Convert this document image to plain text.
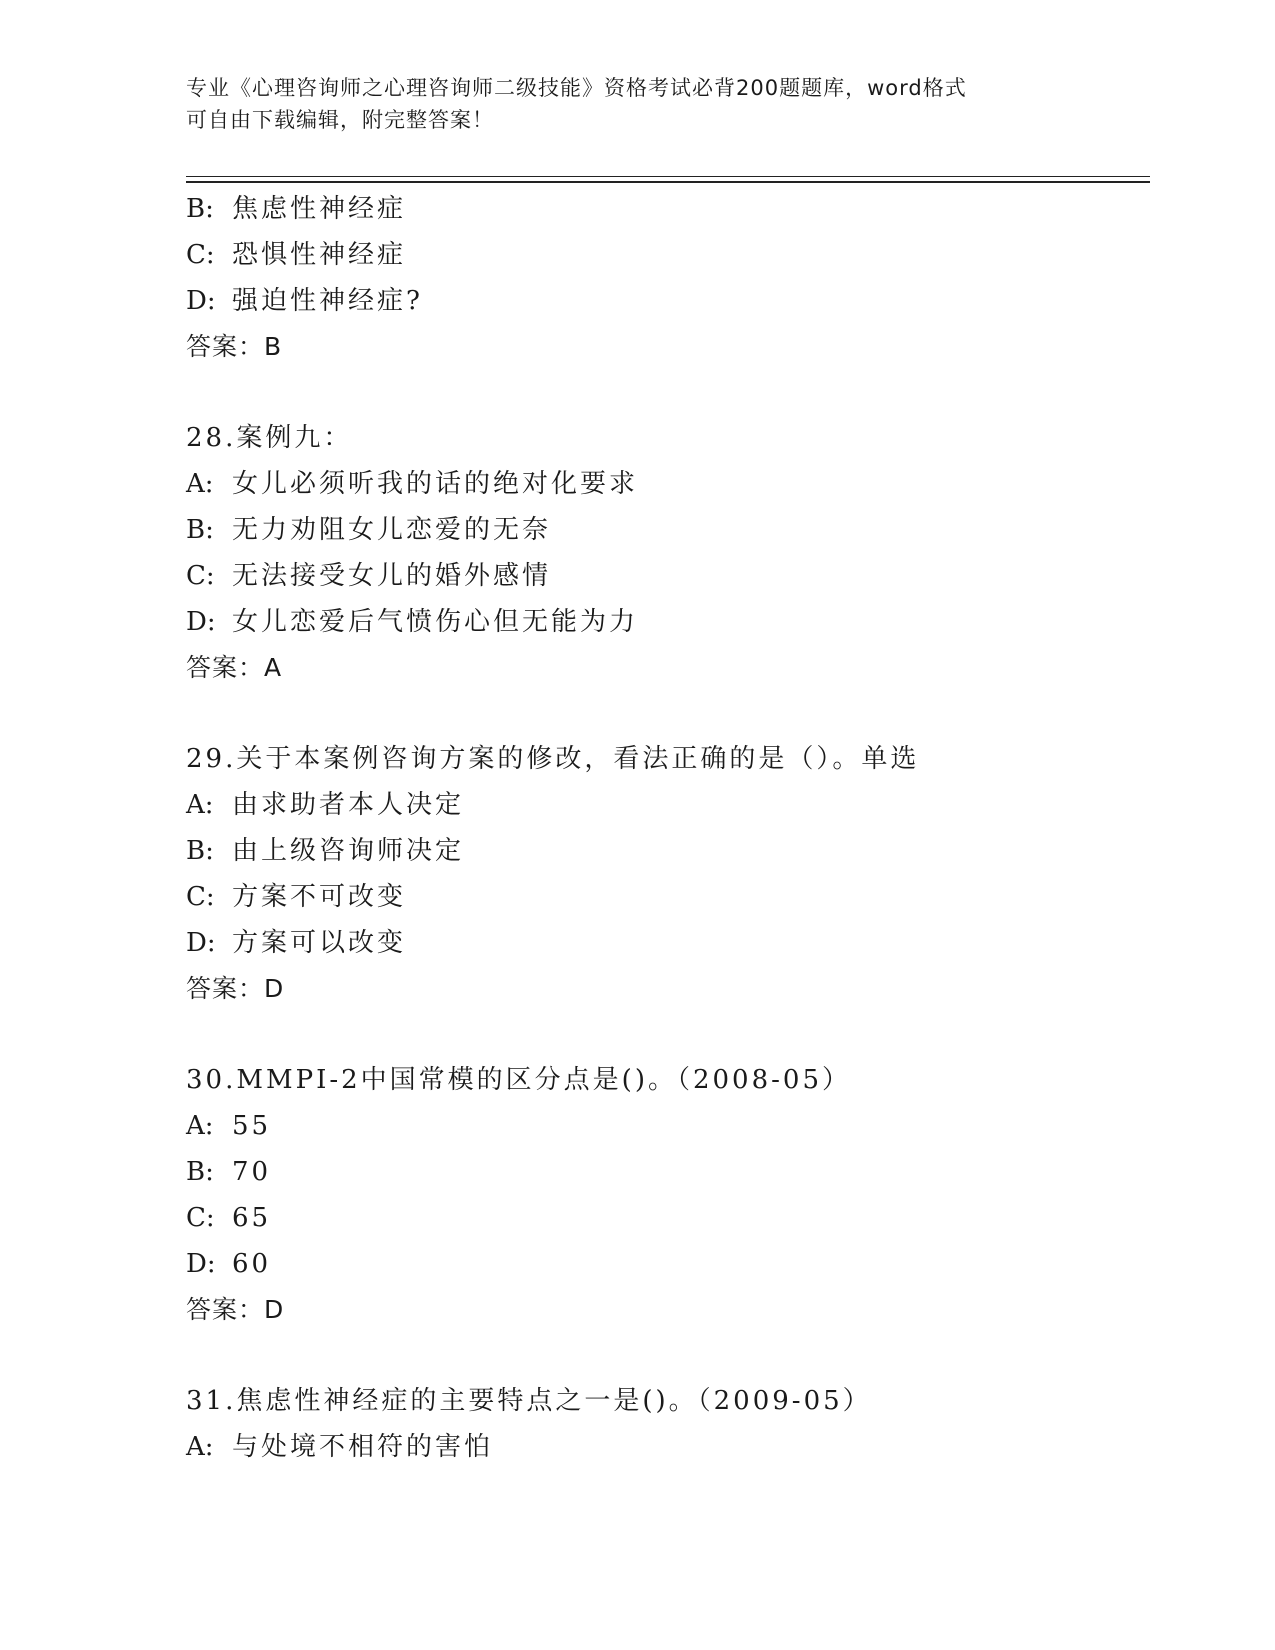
专业《心理咨询师之心理咨询师二级技能》资格考试必背200题题库，word格式
可自由下载编辑，附完整答案！
B: 焦虑性神经症
C: 恐惧性神经症
D: 强迫性神经症?
答案：B
28.案例九：
A: 女儿必须听我的话的绝对化要求
B: 无力劝阻女儿恋爱的无奈
C: 无法接受女儿的婚外感情
D: 女儿恋爱后气愤伤心但无能为力
答案：A
29.关于本案例咨询方案的修改，看法正确的是（）。单选
A: 由求助者本人决定
B: 由上级咨询师决定
C: 方案不可改变
D: 方案可以改变
答案：D
30.MMPI-2中国常模的区分点是()。（2008-05）
A: 55
B: 70
C: 65
D: 60
答案：D
31.焦虑性神经症的主要特点之一是()。（2009-05）
A: 与处境不相符的害怕
